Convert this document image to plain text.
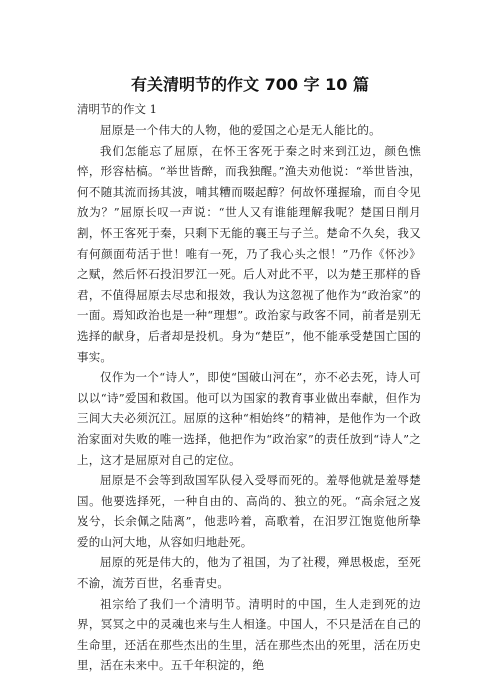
有关清明节的作文 700 字 10 篇
清明节的作文 1

屈原是一个伟大的人物，他的爱国之心是无人能比的。

我们怎能忘了屈原，在怀王客死于秦之时来到江边，颜色憔悴，形容枯槁。“举世皆醉，而我独醒。”渔夫劝他说：“举世皆浊，何不随其流而扬其波，哺其糟而啜起醇？何故怀瑾握瑜，而自令见放为？”屈原长叹一声说：“世人又有谁能理解我呢？楚国日削月割，怀王客死于秦，只剩下无能的襄王与子兰。楚命不久矣，我又有何颜面苟活于世！唯有一死，乃了我心头之恨！”乃作《怀沙》之赋，然后怀石投汨罗江一死。后人对此不平，以为楚王那样的昏君，不值得屈原去尽忠和报效，我认为这忽视了他作为“政治家”的一面。焉知政治也是一种“理想”。政治家与政客不同，前者是别无选择的献身，后者却是投机。身为“楚臣”，他不能承受楚国亡国的事实。

仅作为一个“诗人”，即使“国破山河在”，亦不必去死，诗人可以以“诗”爱国和救国。他可以为国家的教育事业做出奉献，但作为三闾大夫必须沉江。屈原的这种“相始终”的精神，是他作为一个政治家面对失败的唯一选择，他把作为“政治家”的责任放到“诗人”之上，这才是屈原对自己的定位。

屈原是不会等到敌国军队侵入受辱而死的。羞辱他就是羞辱楚国。他要选择死，一种自由的、高尚的、独立的死。“高余冠之岌岌兮，长余佩之陆离”，他悲吟着，高歌着，在汨罗江饱览他所挚爱的山河大地，从容如归地赴死。

屈原的死是伟大的，他为了祖国，为了社稷，殚思极虑，至死不渝，流芳百世，名垂青史。

祖宗给了我们一个清明节。清明时的中国，生人走到死的边界，冥冥之中的灵魂也来与生人相逢。中国人，不只是活在自己的生命里，还活在那些杰出的生里，活在那些杰出的死里，活在历史里，活在未来中。五千年积淀的，绝
